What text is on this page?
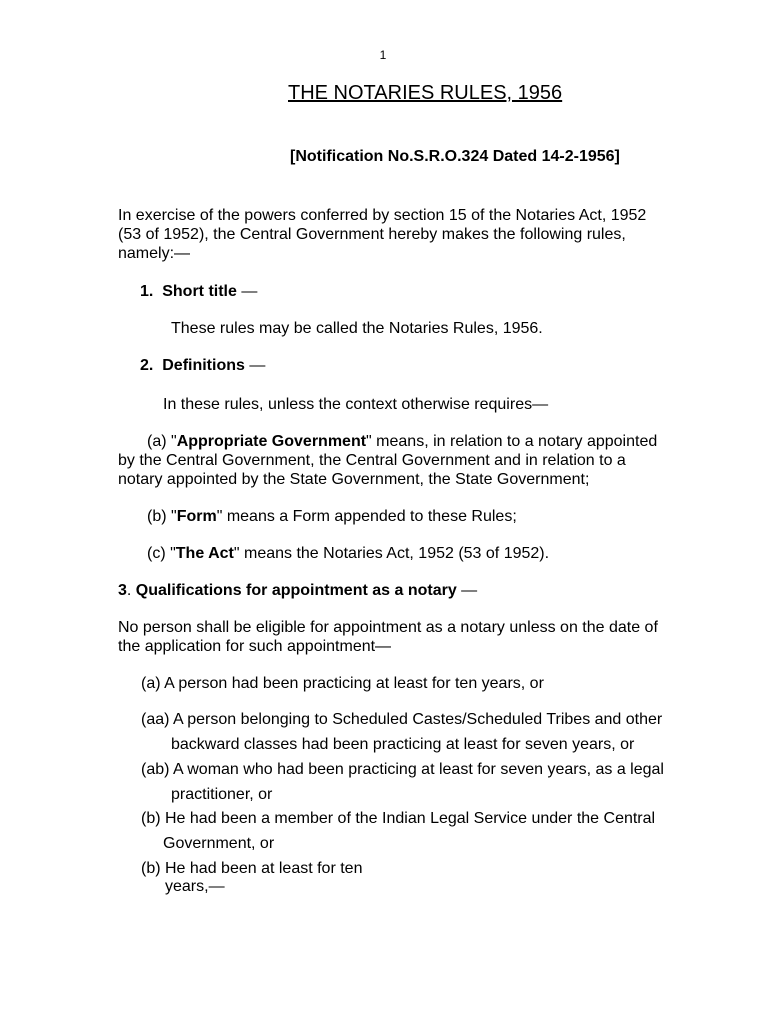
1
THE NOTARIES RULES, 1956
[Notification No.S.R.O.324 Dated 14-2-1956]
In exercise of the powers conferred by section 15 of the Notaries Act, 1952
(53 of 1952), the Central Government hereby makes the following rules,
namely:—
1. Short title —
These rules may be called the Notaries Rules, 1956.
2. Definitions —
In these rules, unless the context otherwise requires—
(a) "Appropriate Government" means, in relation to a notary appointed
by the Central Government, the Central Government and in relation to a
notary appointed by the State Government, the State Government;
(b) "Form" means a Form appended to these Rules;
(c) "The Act" means the Notaries Act, 1952 (53 of 1952).
3. Qualifications for appointment as a notary —
No person shall be eligible for appointment as a notary unless on the date of
the application for such appointment—
(a) A person had been practicing at least for ten years, or
(aa) A person belonging to Scheduled Castes/Scheduled Tribes and other
backward classes had been practicing at least for seven years, or
(ab) A woman who had been practicing at least for seven years, as a legal
practitioner, or
(b) He had been a member of the Indian Legal Service under the Central
Government, or
(b) He had been at least for ten
years,—
